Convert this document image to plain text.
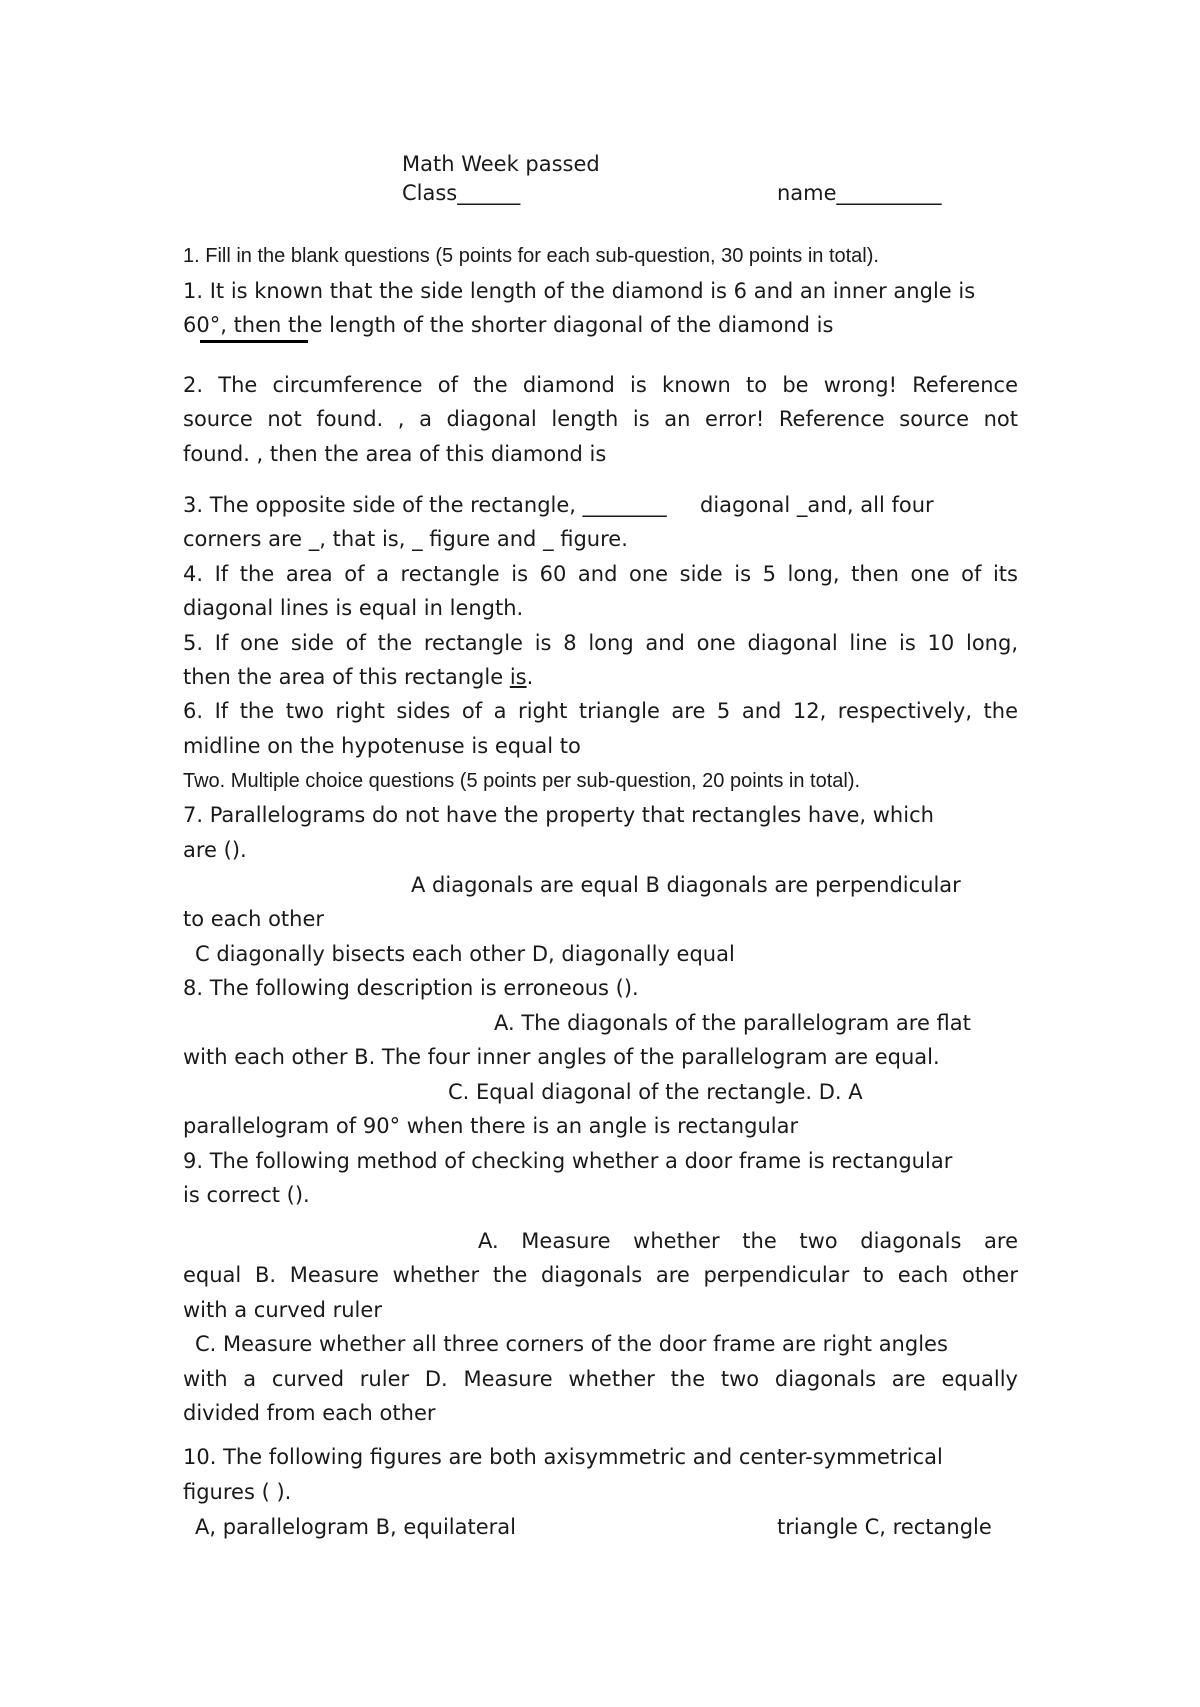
Math Week passed
Class______	name__________
1. Fill in the blank questions (5 points for each sub-question, 30 points in total).
1. It is known that the side length of the diamond is 6 and an inner angle is
60°, then the length of the shorter diagonal of the diamond is
2. The circumference of the diamond is known to be wrong! Reference
source not found. , a diagonal length is an error! Reference source not
found. , then the area of this diamond is
3. The opposite side of the rectangle, ________     diagonal _and, all four
corners are _, that is, _ figure and _ figure.
4. If the area of a rectangle is 60 and one side is 5 long, then one of its
diagonal lines is equal in length.
5. If one side of the rectangle is 8 long and one diagonal line is 10 long,
then the area of this rectangle is.
6. If the two right sides of a right triangle are 5 and 12, respectively, the
midline on the hypotenuse is equal to
Two. Multiple choice questions (5 points per sub-question, 20 points in total).
7. Parallelograms do not have the property that rectangles have, which
are ().
A diagonals are equal B diagonals are perpendicular
to each other
C diagonally bisects each other D, diagonally equal
8. The following description is erroneous ().
A. The diagonals of the parallelogram are flat
with each other B. The four inner angles of the parallelogram are equal.
C. Equal diagonal of the rectangle. D. A
parallelogram of 90° when there is an angle is rectangular
9. The following method of checking whether a door frame is rectangular
is correct ().
A. Measure whether the two diagonals are
equal B. Measure whether the diagonals are perpendicular to each other
with a curved ruler
C. Measure whether all three corners of the door frame are right angles
with a curved ruler D. Measure whether the two diagonals are equally
divided from each other
10. The following figures are both axisymmetric and center-symmetrical
figures ( ).
A, parallelogram B, equilateral	triangle C, rectangle
